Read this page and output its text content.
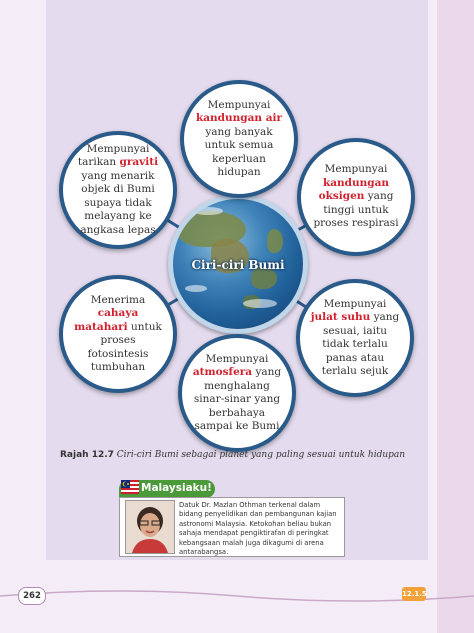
Ciri-ciri Bumi

Mempunyai
kandungan air yang banyak untuk semua keperluan hidupan

Mempunyai tarikan graviti yang menarik objek di Bumi supaya tidak melayang ke angkasa lepas

Mempunyai
kandungan oksigen yang tinggi untuk proses respirasi

Menerima cahaya matahari untuk proses fotosintesis tumbuhan

Mempunyai julat suhu yang sesuai, iaitu tidak terlalu panas atau terlalu sejuk

Mempunyai
atmosfera yang menghalang sinar-sinar yang berbahaya sampai ke Bumi

Rajah 12.7 Ciri-ciri Bumi sebagai planet yang paling sesuai untuk hidupan
Malaysiaku!
Datuk Dr. Mazlan Othman terkenal dalam bidang penyelidikan dan pembangunan kajian astronomi Malaysia. Ketokohan beliau bukan sahaja mendapat pengiktirafan di peringkat kebangsaan malah juga dikagumi di arena antarabangsa.
262	12.1.5
